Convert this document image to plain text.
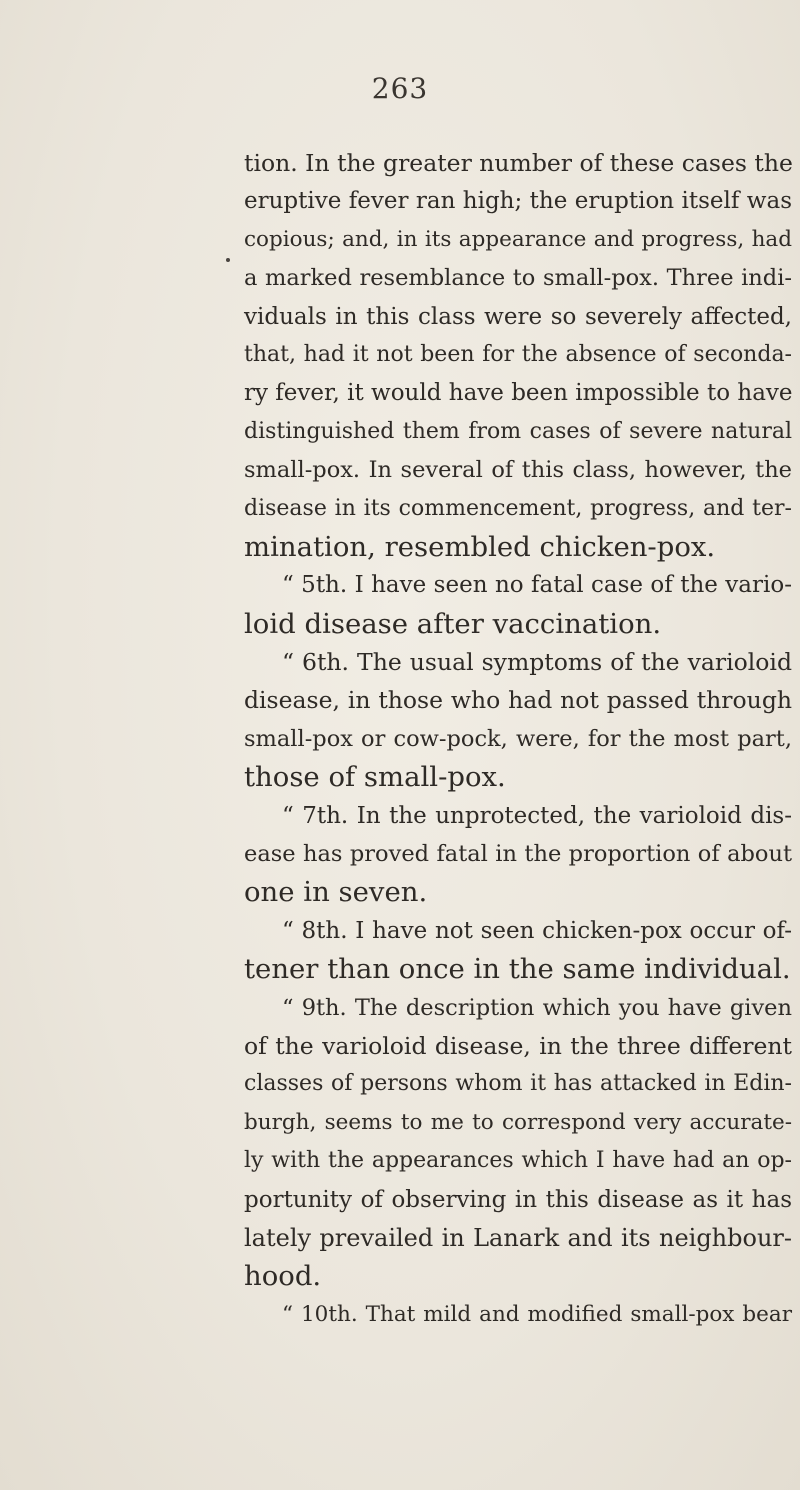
263
tion. In the greater number of these cases the
eruptive fever ran high; the eruption itself was
copious; and, in its appearance and progress, had
a marked resemblance to small-pox. Three indi-
viduals in this class were so severely affected,
that, had it not been for the absence of seconda-
ry fever, it would have been impossible to have
distinguished them from cases of severe natural
small-pox. In several of this class, however, the
disease in its commencement, progress, and ter-
mination, resembled chicken-pox.
“ 5th. I have seen no fatal case of the vario-
loid disease after vaccination.
“ 6th. The usual symptoms of the varioloid
disease, in those who had not passed through
small-pox or cow-pock, were, for the most part,
those of small-pox.
“ 7th. In the unprotected, the varioloid dis-
ease has proved fatal in the proportion of about
one in seven.
“ 8th. I have not seen chicken-pox occur of-
tener than once in the same individual.
“ 9th. The description which you have given
of the varioloid disease, in the three different
classes of persons whom it has attacked in Edin-
burgh, seems to me to correspond very accurate-
ly with the appearances which I have had an op-
portunity of observing in this disease as it has
lately prevailed in Lanark and its neighbour-
hood.
“ 10th. That mild and modified small-pox bear
